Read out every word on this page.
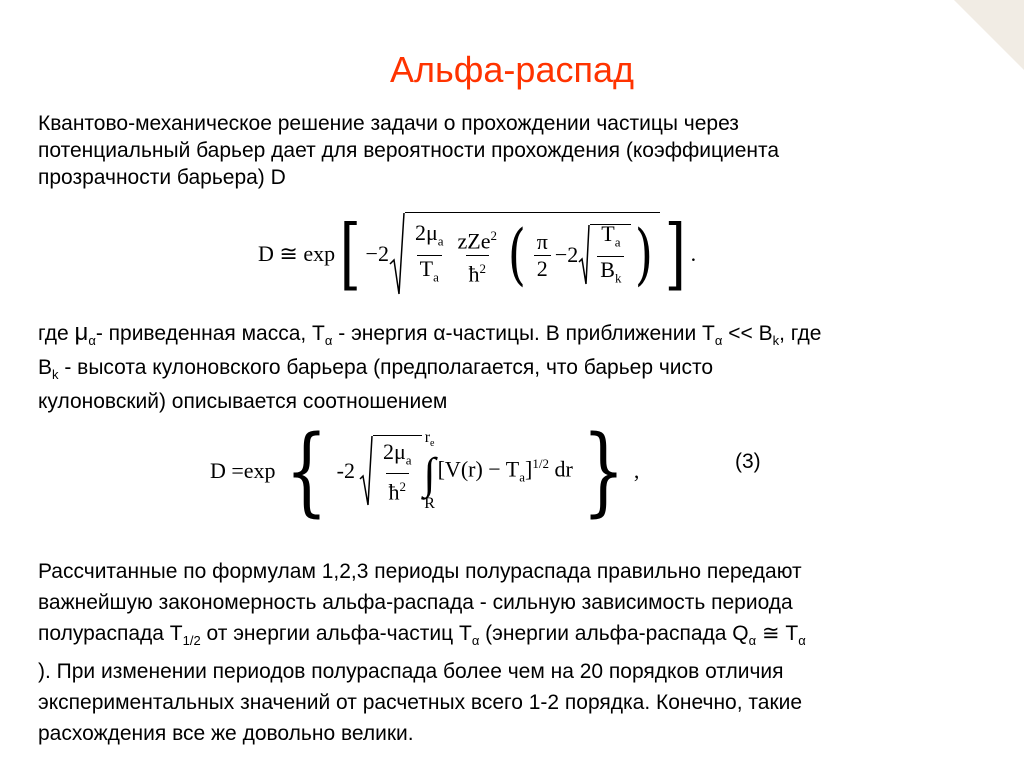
Альфа-распад
Квантово-механическое решение задачи о прохождении частицы через
потенциальный барьер дает для вероятности прохождения (коэффициента
прозрачности барьера) D
D ≅ exp [ $-2 \frac{2\mu_a}{T_a} \frac{zZe^2}{ħ^2}$ ( $\frac{\pi}{2} -2 \frac{T_a}{B_k}$ ) ] .
где $\mu_\alpha-$ приведенная масса, $T_\alpha$ - энергия α-частицы. В приближении $T_\alpha << B_k$, где
$B_k$ - высота кулоновского барьера (предполагается, что барьер чисто
кулоновский) описывается соотношением
D =exp { $-2 \frac{2\mu_a}{ħ^2}$
$r_e$
∫
R
$[V(r) - T_a]^{1/2}$ dr } ,	(3)
Рассчитанные по формулам 1,2,3 периоды полураспада правильно передают
важнейшую закономерность альфа-распада - сильную зависимость периода
полураспада $T_{1/2}$ от энергии альфа-частиц $T_\alpha$ (энергии альфа-распада $Q_\alpha$ ≅ $T_\alpha$
). При изменении периодов полураспада более чем на 20 порядков отличия
экспериментальных значений от расчетных всего 1-2 порядка. Конечно, такие
расхождения все же довольно велики.
